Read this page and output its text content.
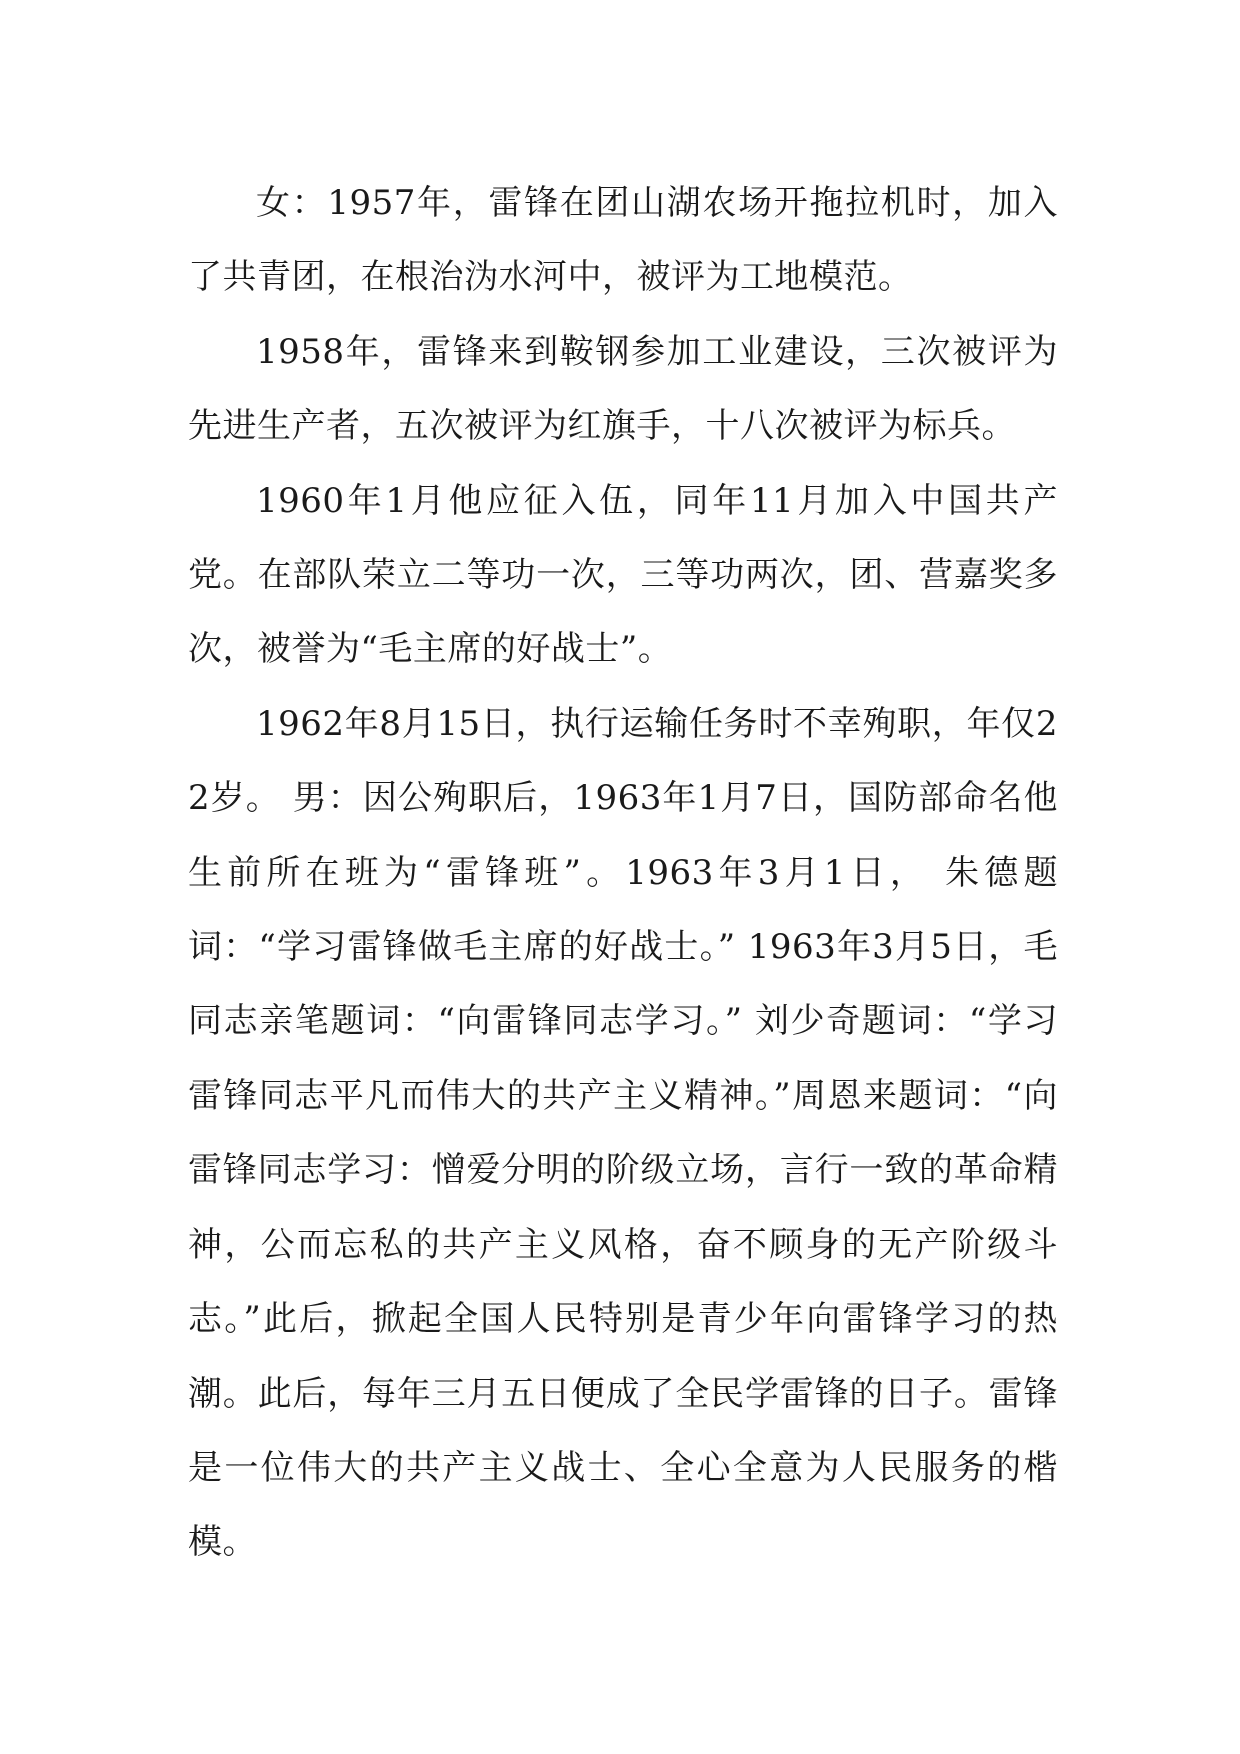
女：1957年，雷锋在团山湖农场开拖拉机时，加入了共青团，在根治沩水河中，被评为工地模范。

1958年，雷锋来到鞍钢参加工业建设，三次被评为先进生产者，五次被评为红旗手，十八次被评为标兵。

1960年1月他应征入伍，同年11月加入中国共产党。在部队荣立二等功一次，三等功两次，团、营嘉奖多次，被誉为“毛主席的好战士”。

1962年8月15日，执行运输任务时不幸殉职，年仅22岁。 男：因公殉职后，1963年1月7日，国防部命名他生前所在班为“雷锋班”。1963年3月1日， 朱德题词：“学习雷锋做毛主席的好战士。” 1963年3月5日，毛同志亲笔题词：“向雷锋同志学习。” 刘少奇题词：“学习雷锋同志平凡而伟大的共产主义精神。”周恩来题词：“向雷锋同志学习：憎爱分明的阶级立场，言行一致的革命精神，公而忘私的共产主义风格，奋不顾身的无产阶级斗志。”此后，掀起全国人民特别是青少年向雷锋学习的热潮。此后，每年三月五日便成了全民学雷锋的日子。雷锋是一位伟大的共产主义战士、全心全意为人民服务的楷模。
